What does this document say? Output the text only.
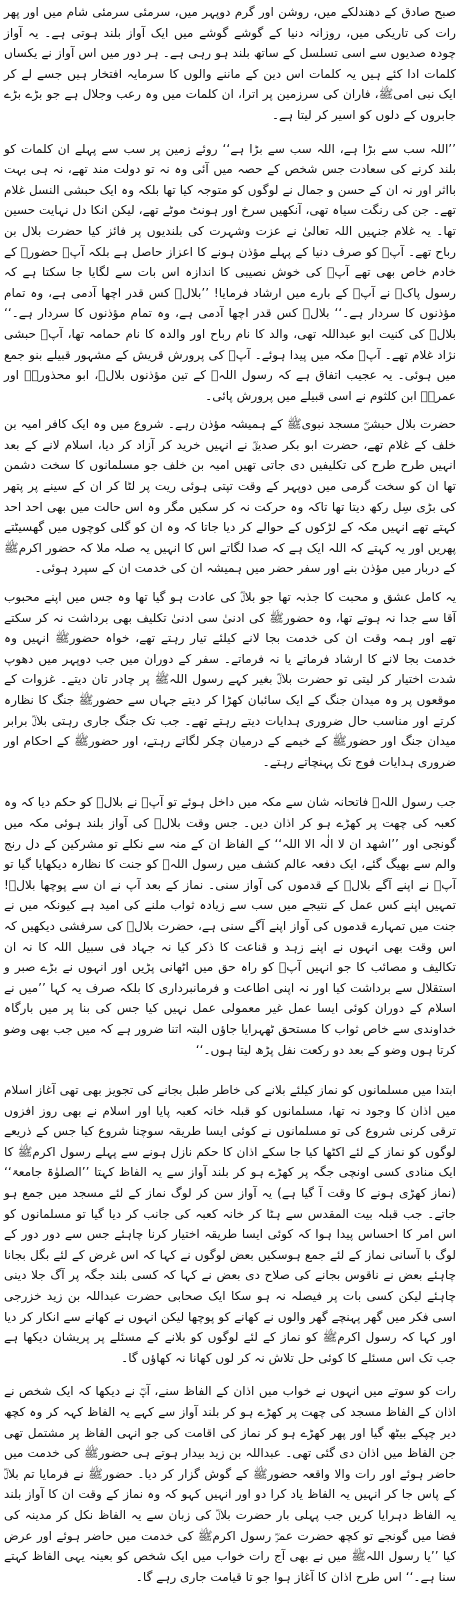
صبح صادق کے دھندلکے میں، روشن اور گرم دوپہر میں، سرمئی سرمئی شام میں اور پھر رات کی تاریکی میں، روزانہ دنیا کے گوشے گوشے میں ایک آواز بلند ہوتی ہے۔ یہ آواز چودہ صدیوں سے اسی تسلسل کے ساتھ بلند ہو رہی ہے۔ ہر دور میں اس آواز نے یکساں کلمات ادا کئے ہیں یہ کلمات اس دین کے ماننے والوں کا سرمایہ افتخار ہیں جسے لے کر ایک نبی امیﷺ، فاران کی سرزمین پر اترا، ان کلمات میں وہ رعب وجلال ہے جو بڑے بڑے جابروں کے دلوں کو اسیر کر لیتا ہے۔

’’اللہ سب سے بڑا ہے، اللہ سب سے بڑا ہے‘‘ روئے زمین پر سب سے پہلے ان کلمات کو بلند کرنے کی سعادت جس شخص کے حصہ میں آئی وہ نہ تو دولت مند تھے، نہ ہی بہت بااثر اور نہ ان کے حسن و جمال نے لوگوں کو متوجہ کیا تھا بلکہ وہ ایک حبشی النسل غلام تھے۔ جن کی رنگت سیاہ تھی، آنکھیں سرخ اور ہونٹ موٹے تھے، لیکن انکا دل نہایت حسین تھا۔ یہ غلام جنہیں اللہ تعالیٰ نے عزت وشہرت کی بلندیوں پر فائز کیا حضرت بلال بن رباح تھے۔ آپؓ کو صرف دنیا کے پہلے مؤذن ہونے کا اعزاز حاصل ہے بلکہ آپؓ حضورﷺ کے خادم خاص بھی تھے آپؓ کی خوش نصیبی کا اندازہ اس بات سے لگایا جا سکتا ہے کہ رسول پاکﷺ نے آپؓ کے بارے میں ارشاد فرمایا! ’’بلالؓ کس قدر اچھا آدمی ہے، وہ تمام مؤذنوں کا سردار ہے۔‘‘ بلالؓ کس قدر اچھا آدمی ہے، وہ تمام مؤذنوں کا سردار ہے۔‘‘ بلالؓ کی کنیت ابو عبداللہ تھی، والد کا نام رباح اور والدہ کا نام حمامہ تھا، آپؓ حبشی نژاد غلام تھے۔ آپؓ مکہ میں پیدا ہوئے۔ آپؓ کی پرورش قریش کے مشہور قبیلے بنو جمع میں ہوئی۔ یہ عجیب اتفاق ہے کہ رسول اللہﷺ کے تین مؤذنوں بلالؓ، ابو محذورہؓ اور عمرہؓ ابن کلثوم نے اسی قبیلے میں پرورش پائی۔

حضرت بلال حبشیؓ مسجد نبویﷺ کے ہمیشہ مؤذن رہے۔ شروع میں وہ ایک کافر امیہ بن خلف کے غلام تھے، حضرت ابو بکر صدیقؓ نے انہیں خرید کر آزاد کر دیا، اسلام لانے کے بعد انہیں طرح طرح کی تکلیفیں دی جاتی تھیں امیہ بن خلف جو مسلمانوں کا سخت دشمن تھا ان کو سخت گرمی میں دوپہر کے وقت تپتی ہوئی ریت پر لٹا کر ان کے سینے پر پتھر کی بڑی سِل رکھ دیتا تھا تاکہ وہ حرکت نہ کر سکیں مگر وہ اس حالت میں بھی احد احد کہتے تھے انہیں مکہ کے لڑکوں کے حوالے کر دیا جاتا کہ وہ ان کو گلی کوچوں میں گھسیٹتے پھریں اور یہ کہتے کہ اللہ ایک ہے کہ صدا لگاتے اس کا انہیں یہ صلہ ملا کہ حضور اکرمﷺ کے دربار میں مؤذن بنے اور سفر حضر میں ہمیشہ ان کی خدمت ان کے سپرد ہوئی۔

یہ کامل عشق و محبت کا جذبہ تھا جو بلالؓ کی عادت ہو گیا تھا وہ جس میں اپنے محبوب آقا سے جدا نہ ہوتے تھا، وہ حضورﷺ کی ادنیٰ سی ادنیٰ تکلیف بھی برداشت نہ کر سکتے تھے اور ہمہ وقت ان کی خدمت بجا لانے کیلئے تیار رہتے تھے، خواہ حضورﷺ انہیں وہ خدمت بجا لانے کا ارشاد فرماتے یا نہ فرماتے۔ سفر کے دوران میں جب دوپہر میں دھوپ شدت اختیار کر لیتی تو حضرت بلالؓ بغیر کہے رسول اللہﷺ پر چادر تان دیتے۔ غزوات کے موقعوں پر وہ میدان جنگ کے ایک سائبان کھڑا کر دیتے جہاں سے حضورﷺ جنگ کا نظارہ کرتے اور مناسب حال ضروری ہدایات دیتے رہتے تھے۔ جب تک جنگ جاری رہتی بلالؓ برابر میدان جنگ اور حضورﷺ کے خیمے کے درمیان چکر لگاتے رہتے، اور حضورﷺ کے احکام اور ضروری ہدایات فوج تک پہنچاتے رہتے۔

جب رسول اللہﷺ فاتحانہ شان سے مکہ میں داخل ہوئے تو آپﷺ نے بلالؓ کو حکم دیا کہ وہ کعبہ کی چھت پر کھڑے ہو کر اذان دیں۔ جس وقت بلالؓ کی آواز بلند ہوئی مکہ میں گونجی اور ’’اشھد ان لا الٰہ الا اللہ‘‘ کے الفاظ ان کے منہ سے نکلے تو مشرکین کے دل رنج والم سے بھیگ گئے، ایک دفعہ عالم کشف میں رسول اللہﷺ کو جنت کا نظارہ دیکھایا گیا تو آپﷺ نے اپنے آگے بلالؓ کے قدموں کی آواز سنی۔ نماز کے بعد آپ نے ان سے پوچھا بلالؓ! تمہیں اپنے کس عمل کے نتیجے میں سب سے زیادہ ثواب ملنے کی امید ہے کیونکہ میں نے جنت میں تمہارے قدموں کی آواز اپنے آگے سنی ہے، حضرت بلالؓ کی سرفشی دیکھیں کہ اس وقت بھی انہوں نے اپنے زہد و قناعت کا ذکر کیا نہ جہاد فی سبیل اللہ کا نہ ان تکالیف و مصائب کا جو انہیں آپؐ کو راہ حق میں اٹھانی پڑیں اور انہوں نے بڑے صبر و استقلال سے برداشت کیا اور نہ اپنی اطاعت و فرمانبرداری کا بلکہ صرف یہ کہا ’’میں نے اسلام کے دوران کوئی ایسا عمل غیر معمولی عمل نہیں کیا جس کی بنا پر میں بارگاہ خداوندی سے خاص ثواب کا مستحق ٹھہرایا جاؤں البتہ اتنا ضرور ہے کہ میں جب بھی وضو کرتا ہوں وضو کے بعد دو رکعت نفل پڑھ لیتا ہوں۔‘‘

ابتدا میں مسلمانوں کو نماز کیلئے بلانے کی خاطر طبل بجانے کی تجویز بھی تھی آغاز اسلام میں اذان کا وجود نہ تھا، مسلمانوں کو قبلہ خانہ کعبہ پایا اور اسلام نے بھی روز افزوں ترقی کرنی شروع کی تو مسلمانوں نے کوئی ایسا طریقہ سوچنا شروع کیا جس کے ذریعے لوگوں کو نماز کے لئے اکٹھا کیا جا سکے اذان کا حکم نازل ہونے سے پہلے رسول اکرمﷺ کا ایک منادی کسی اونچی جگہ پر کھڑے ہو کر بلند آواز سے یہ الفاظ کہتا ’’الصلوٰۃ جامعۃ‘‘ (نماز کھڑی ہونے کا وقت آ گیا ہے) یہ آواز سن کر لوگ نماز کے لئے مسجد میں جمع ہو جاتے۔ جب قبلہ بیت المقدس سے ہٹا کر خانہ کعبہ کی جانب کر دیا گیا تو مسلمانوں کو اس امر کا احساس پیدا ہوا کہ کوئی ایسا طریقہ اختیار کرنا چاہئے جس سے دور دور کے لوگ با آسانی نماز کے لئے جمع ہوسکیں بعض لوگوں نے کہا کہ اس غرض کے لئے بگل بجانا چاہئے بعض نے ناقوس بجانے کی صلاح دی بعض نے کہا کہ کسی بلند جگہ پر آگ جلا دینی چاہئے لیکن کسی بات پر فیصلہ نہ ہو سکا ایک صحابی حضرت عبداللہ بن زید خزرجی اسی فکر میں گھر پہنچے گھر والوں نے کھانے کو پوچھا لیکن انہوں نے کھانے سے انکار کر دیا اور کہا کہ رسول اکرمﷺ کو نماز کے لئے لوگوں کو بلانے کے مسئلے پر پریشان دیکھا ہے جب تک اس مسئلے کا کوئی حل تلاش نہ کر لوں کھانا نہ کھاؤں گا۔

رات کو سوتے میں انہوں نے خواب میں اذان کے الفاظ سنے، آپؓ نے دیکھا کہ ایک شخص نے اذان کے الفاظ مسجد کی چھت پر کھڑے ہو کر بلند آواز سے کہے یہ الفاظ کہہ کر وہ کچھ دیر چپکے بیٹھ گیا اور پھر کھڑے ہو کر نماز کی اقامت کی جو انہی الفاظ پر مشتمل تھی جن الفاظ میں اذان دی گئی تھی۔ عبداللہ بن زید بیدار ہوتے ہی حضورﷺ کی خدمت میں حاضر ہوئے اور رات والا واقعہ حضورﷺ کے گوش گزار کر دیا۔ حضورﷺ نے فرمایا تم بلالؓ کے پاس جا کر انہیں یہ الفاظ یاد کرا دو اور انہیں کہو کہ وہ نماز کے وقت ان کا آواز بلند یہ الفاظ دہرایا کریں جب پہلی بار حضرت بلالؓ کی زبان سے یہ الفاظ نکل کر مدینہ کی فضا میں گونجے تو کچھ حضرت عمرؓ رسول اکرمﷺ کی خدمت میں حاضر ہوئے اور عرض کیا ’’یا رسول اللہﷺ میں نے بھی آج رات خواب میں ایک شخص کو بعینہ یہی الفاظ کہتے سنا ہے۔‘‘ اس طرح اذان کا آغاز ہوا جو تا قیامت جاری رہے گا۔
